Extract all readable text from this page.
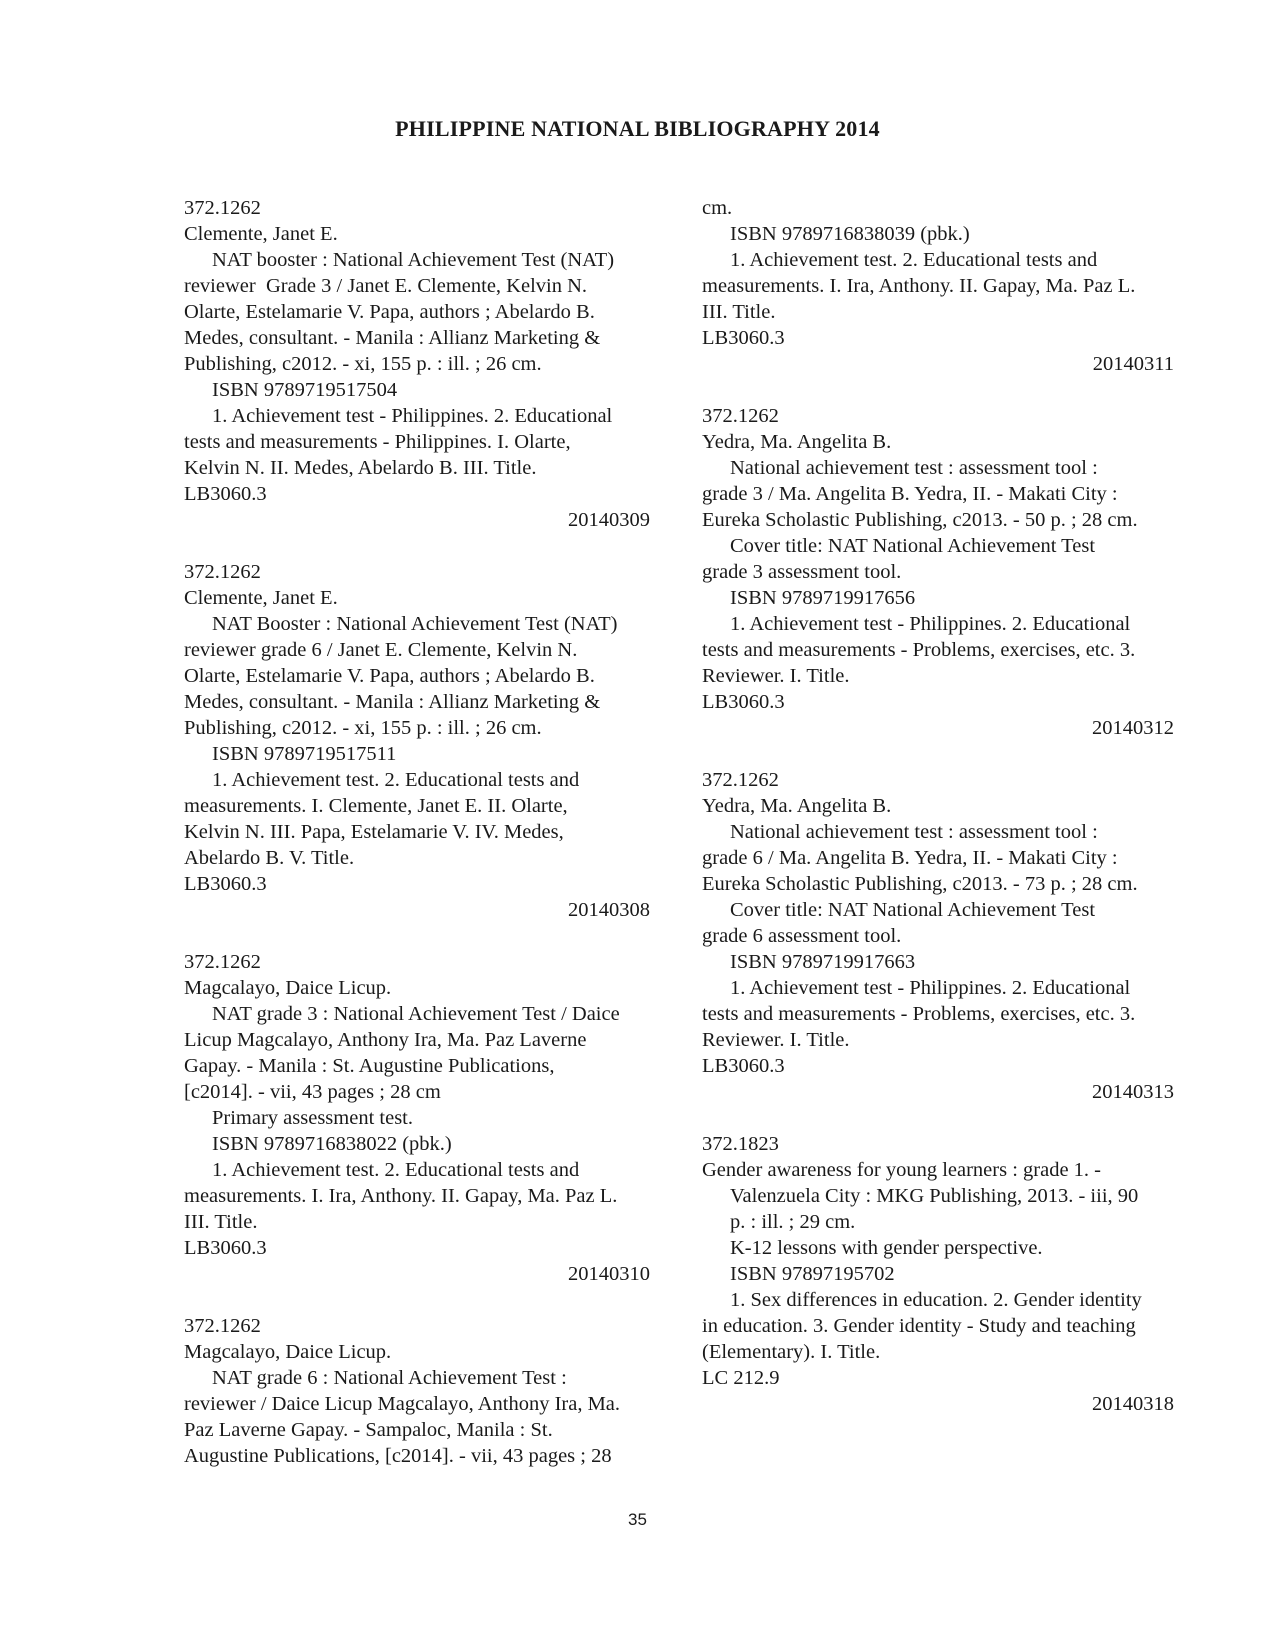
PHILIPPINE NATIONAL BIBLIOGRAPHY 2014
372.1262
Clemente, Janet E.
NAT booster : National Achievement Test (NAT)
reviewer  Grade 3 / Janet E. Clemente, Kelvin N.
Olarte, Estelamarie V. Papa, authors ; Abelardo B.
Medes, consultant. - Manila : Allianz Marketing &
Publishing, c2012. - xi, 155 p. : ill. ; 26 cm.
ISBN 9789719517504
1. Achievement test - Philippines. 2. Educational
tests and measurements - Philippines. I. Olarte,
Kelvin N. II. Medes, Abelardo B. III. Title.
LB3060.3
20140309
372.1262
Clemente, Janet E.
NAT Booster : National Achievement Test (NAT)
reviewer grade 6 / Janet E. Clemente, Kelvin N.
Olarte, Estelamarie V. Papa, authors ; Abelardo B.
Medes, consultant. - Manila : Allianz Marketing &
Publishing, c2012. - xi, 155 p. : ill. ; 26 cm.
ISBN 9789719517511
1. Achievement test. 2. Educational tests and
measurements. I. Clemente, Janet E. II. Olarte,
Kelvin N. III. Papa, Estelamarie V. IV. Medes,
Abelardo B. V. Title.
LB3060.3
20140308
372.1262
Magcalayo, Daice Licup.
NAT grade 3 : National Achievement Test / Daice
Licup Magcalayo, Anthony Ira, Ma. Paz Laverne
Gapay. - Manila : St. Augustine Publications,
[c2014]. - vii, 43 pages ; 28 cm
Primary assessment test.
ISBN 9789716838022 (pbk.)
1. Achievement test. 2. Educational tests and
measurements. I. Ira, Anthony. II. Gapay, Ma. Paz L.
III. Title.
LB3060.3
20140310
372.1262
Magcalayo, Daice Licup.
NAT grade 6 : National Achievement Test :
reviewer / Daice Licup Magcalayo, Anthony Ira, Ma.
Paz Laverne Gapay. - Sampaloc, Manila : St.
Augustine Publications, [c2014]. - vii, 43 pages ; 28
cm.
ISBN 9789716838039 (pbk.)
1. Achievement test. 2. Educational tests and
measurements. I. Ira, Anthony. II. Gapay, Ma. Paz L.
III. Title.
LB3060.3
20140311
372.1262
Yedra, Ma. Angelita B.
National achievement test : assessment tool :
grade 3 / Ma. Angelita B. Yedra, II. - Makati City :
Eureka Scholastic Publishing, c2013. - 50 p. ; 28 cm.
Cover title: NAT National Achievement Test
grade 3 assessment tool.
ISBN 9789719917656
1. Achievement test - Philippines. 2. Educational
tests and measurements - Problems, exercises, etc. 3.
Reviewer. I. Title.
LB3060.3
20140312
372.1262
Yedra, Ma. Angelita B.
National achievement test : assessment tool :
grade 6 / Ma. Angelita B. Yedra, II. - Makati City :
Eureka Scholastic Publishing, c2013. - 73 p. ; 28 cm.
Cover title: NAT National Achievement Test
grade 6 assessment tool.
ISBN 9789719917663
1. Achievement test - Philippines. 2. Educational
tests and measurements - Problems, exercises, etc. 3.
Reviewer. I. Title.
LB3060.3
20140313
372.1823
Gender awareness for young learners : grade 1. -
Valenzuela City : MKG Publishing, 2013. - iii, 90
p. : ill. ; 29 cm.
K-12 lessons with gender perspective.
ISBN 97897195702
1. Sex differences in education. 2. Gender identity
in education. 3. Gender identity - Study and teaching
(Elementary). I. Title.
LC 212.9
20140318
35
